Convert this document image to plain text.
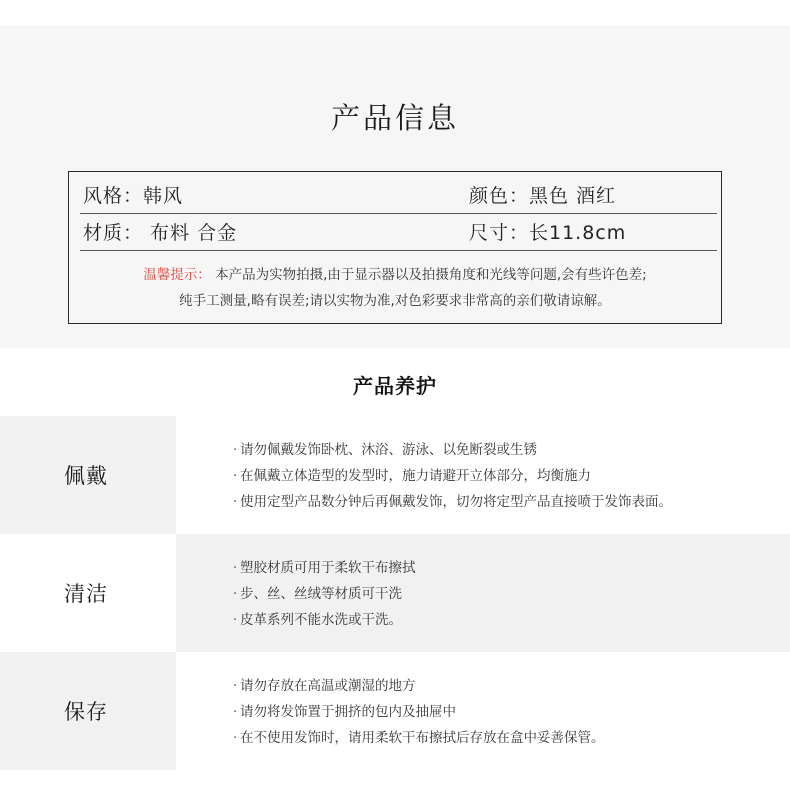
产品信息
风格：韩风	颜色：黑色 酒红
材质： 布料 合金	尺寸：长11.8cm
温馨提示： 本产品为实物拍摄,由于显示器以及拍摄角度和光线等问题,会有些许色差;
纯手工测量,略有误差;请以实物为准,对色彩要求非常高的亲们敬请谅解。
产品养护
佩戴
· 请勿佩戴发饰卧枕、沐浴、游泳、以免断裂或生锈
· 在佩戴立体造型的发型时，施力请避开立体部分，均衡施力
· 使用定型产品数分钟后再佩戴发饰，切勿将定型产品直接喷于发饰表面。
清洁
· 塑胶材质可用于柔软干布擦拭
· 步、丝、丝绒等材质可干洗
· 皮革系列不能水洗或干洗。
保存
· 请勿存放在高温或潮湿的地方
· 请勿将发饰置于拥挤的包内及抽屉中
· 在不使用发饰时，请用柔软干布擦拭后存放在盒中妥善保管。
